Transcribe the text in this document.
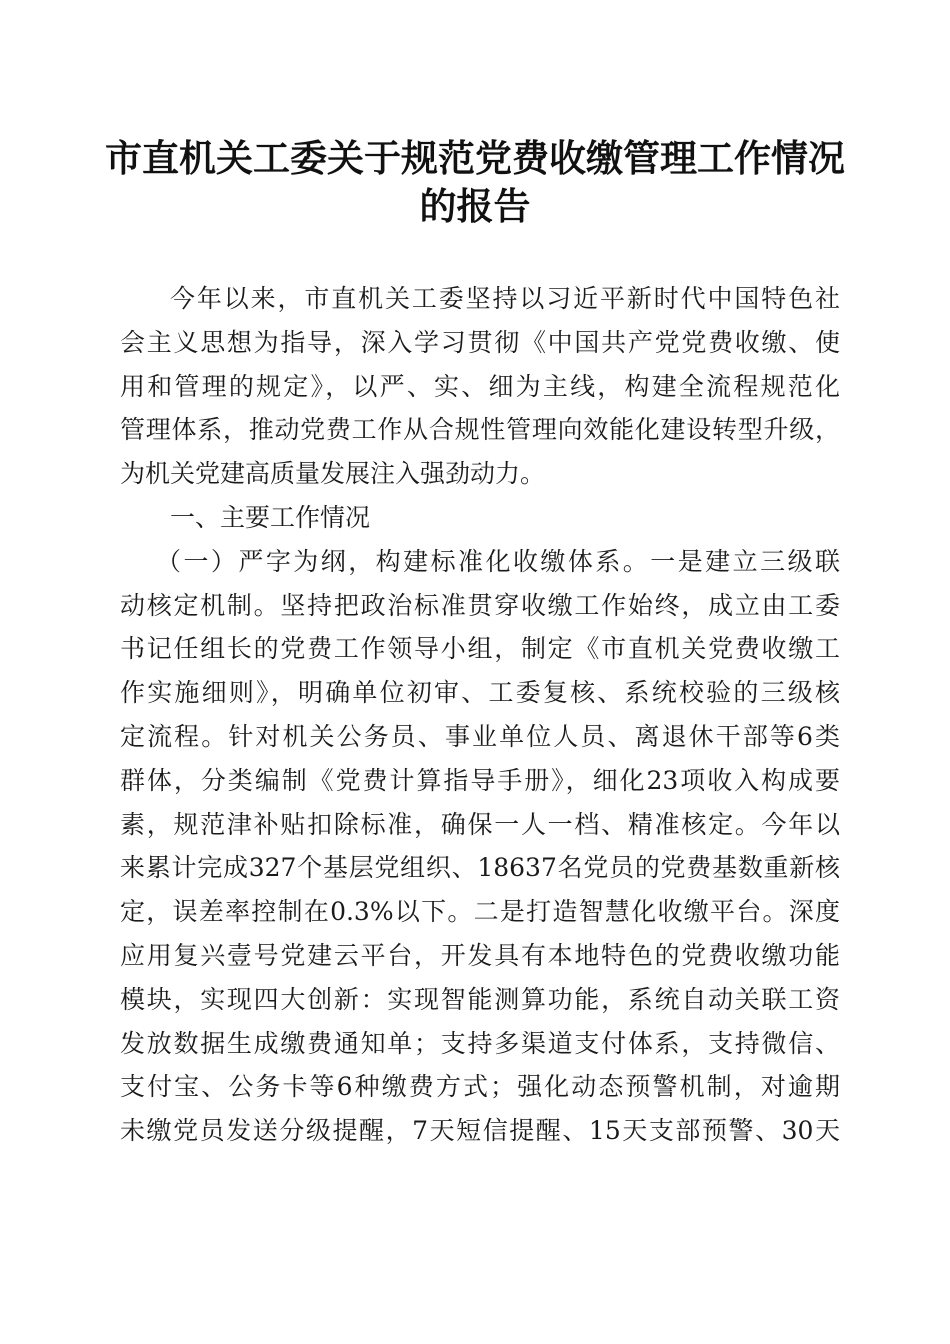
市直机关工委关于规范党费收缴管理工作情况
的报告
今年以来，市直机关工委坚持以习近平新时代中国特色社
会主义思想为指导，深入学习贯彻《中国共产党党费收缴、使
用和管理的规定》，以严、实、细为主线，构建全流程规范化
管理体系，推动党费工作从合规性管理向效能化建设转型升级，
为机关党建高质量发展注入强劲动力。
一、主要工作情况
（一）严字为纲，构建标准化收缴体系。一是建立三级联
动核定机制。坚持把政治标准贯穿收缴工作始终，成立由工委
书记任组长的党费工作领导小组，制定《市直机关党费收缴工
作实施细则》，明确单位初审、工委复核、系统校验的三级核
定流程。针对机关公务员、事业单位人员、离退休干部等6类
群体，分类编制《党费计算指导手册》，细化23项收入构成要
素，规范津补贴扣除标准，确保一人一档、精准核定。今年以
来累计完成327个基层党组织、18637名党员的党费基数重新核
定，误差率控制在0.3%以下。二是打造智慧化收缴平台。深度
应用复兴壹号党建云平台，开发具有本地特色的党费收缴功能
模块，实现四大创新：实现智能测算功能，系统自动关联工资
发放数据生成缴费通知单；支持多渠道支付体系，支持微信、
支付宝、公务卡等6种缴费方式；强化动态预警机制，对逾期
未缴党员发送分级提醒，7天短信提醒、15天支部预警、30天
